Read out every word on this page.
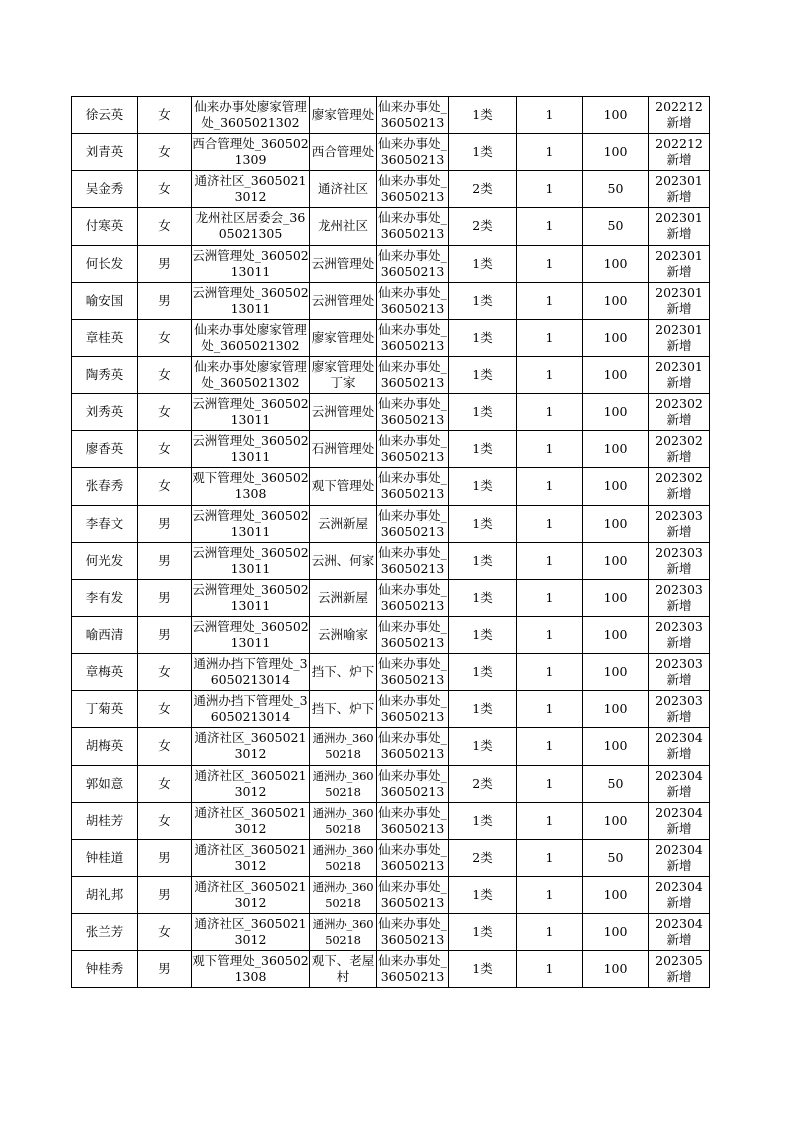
徐云英	女	仙来办事处廖家管理处_3605021302	廖家管理处	仙来办事处_36050213	1类	1	100	202212新增
刘青英	女	西合管理处_3605021309	西合管理处	仙来办事处_36050213	1类	1	100	202212新增
吴金秀	女	通济社区_36050213012	通济社区	仙来办事处_36050213	2类	1	50	202301新增
付寒英	女	龙州社区居委会_3605021305	龙州社区	仙来办事处_36050213	2类	1	50	202301新增
何长发	男	云洲管理处_36050213011	云洲管理处	仙来办事处_36050213	1类	1	100	202301新增
喻安国	男	云洲管理处_36050213011	云洲管理处	仙来办事处_36050213	1类	1	100	202301新增
章桂英	女	仙来办事处廖家管理处_3605021302	廖家管理处	仙来办事处_36050213	1类	1	100	202301新增
陶秀英	女	仙来办事处廖家管理处_3605021302	廖家管理处丁家	仙来办事处_36050213	1类	1	100	202301新增
刘秀英	女	云洲管理处_36050213011	云洲管理处	仙来办事处_36050213	1类	1	100	202302新增
廖香英	女	云洲管理处_36050213011	石洲管理处	仙来办事处_36050213	1类	1	100	202302新增
张春秀	女	观下管理处_3605021308	观下管理处	仙来办事处_36050213	1类	1	100	202302新增
李春文	男	云洲管理处_36050213011	云洲新屋	仙来办事处_36050213	1类	1	100	202303新增
何光发	男	云洲管理处_36050213011	云洲、何家	仙来办事处_36050213	1类	1	100	202303新增
李有发	男	云洲管理处_36050213011	云洲新屋	仙来办事处_36050213	1类	1	100	202303新增
喻西清	男	云洲管理处_36050213011	云洲喻家	仙来办事处_36050213	1类	1	100	202303新增
章梅英	女	通洲办挡下管理处_36050213014	挡下、炉下	仙来办事处_36050213	1类	1	100	202303新增
丁菊英	女	通洲办挡下管理处_36050213014	挡下、炉下	仙来办事处_36050213	1类	1	100	202303新增
胡梅英	女	通济社区_36050213012	通洲办_36050218	仙来办事处_36050213	1类	1	100	202304新增
郭如意	女	通济社区_36050213012	通洲办_36050218	仙来办事处_36050213	2类	1	50	202304新增
胡桂芳	女	通济社区_36050213012	通洲办_36050218	仙来办事处_36050213	1类	1	100	202304新增
钟桂道	男	通济社区_36050213012	通洲办_36050218	仙来办事处_36050213	2类	1	50	202304新增
胡礼邦	男	通济社区_36050213012	通洲办_36050218	仙来办事处_36050213	1类	1	100	202304新增
张兰芳	女	通济社区_36050213012	通洲办_36050218	仙来办事处_36050213	1类	1	100	202304新增
钟桂秀	男	观下管理处_3605021308	观下、老屋村	仙来办事处_36050213	1类	1	100	202305新增
